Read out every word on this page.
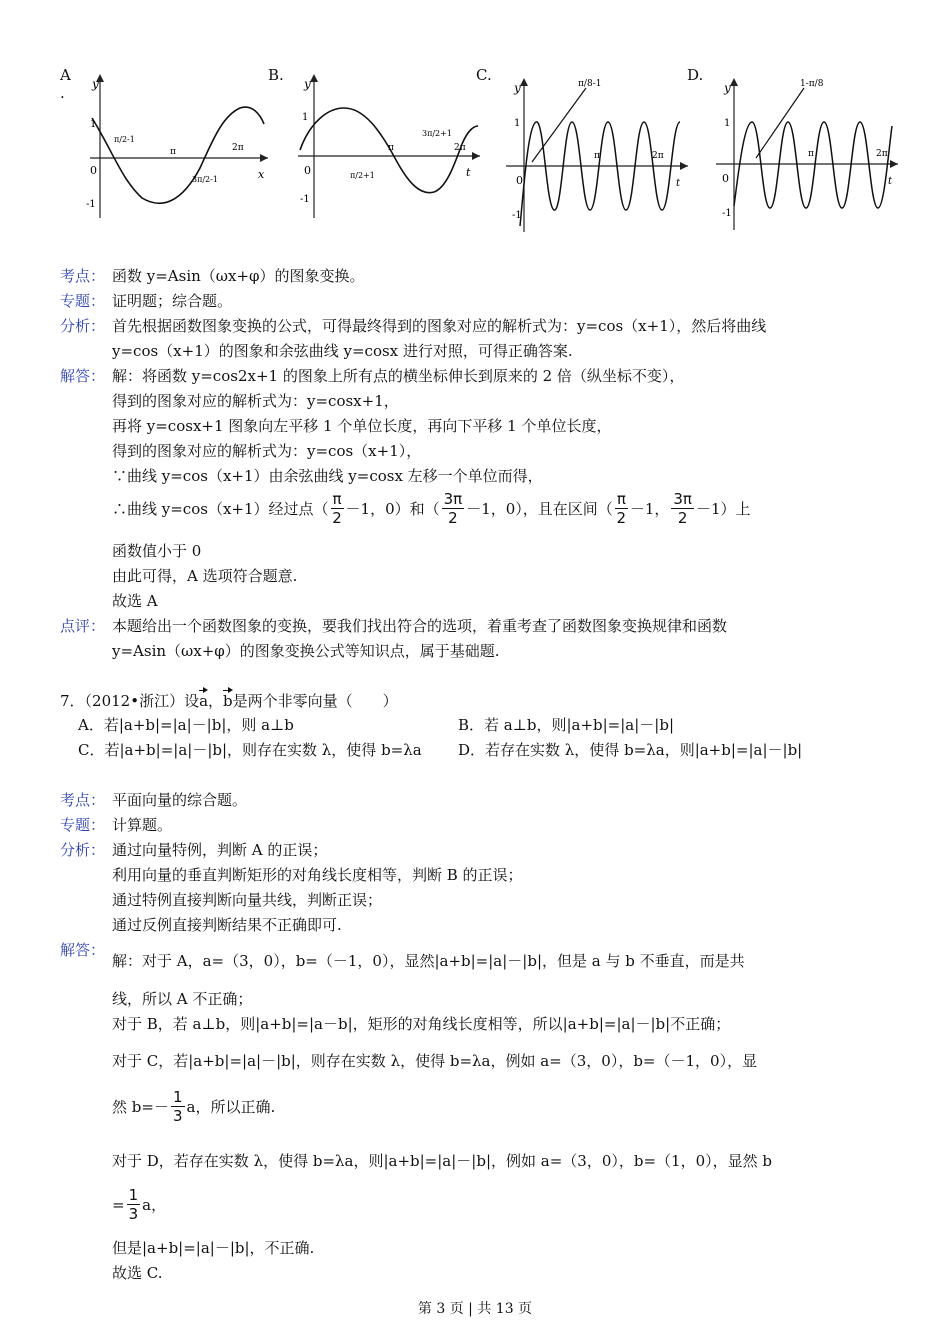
A
.	y
0
1
-1
x
π	2π
π/2-1
3π/2-1
B. y
0
1
-1
t
π	2π
π/2+1
3π/2+1
C.
y
1
0
-1
t
π	2π
π/8-1	D.
y
1
0
-1
t
π	2π
1-π/8
考点： 函数 y=Asin（ωx+φ）的图象变换。
专题： 证明题；综合题。
分析： 首先根据函数图象变换的公式，可得最终得到的图象对应的解析式为：y=cos（x+1），然后将曲线
y=cos（x+1）的图象和余弦曲线 y=cosx 进行对照，可得正确答案.
解答： 解：将函数 y=cos2x+1 的图象上所有点的横坐标伸长到原来的 2 倍（纵坐标不变），
得到的图象对应的解析式为：y=cosx+1，
再将 y=cosx+1 图象向左平移 1 个单位长度，再向下平移 1 个单位长度，
得到的图象对应的解析式为：y=cos（x+1），
∵曲线 y=cos（x+1）由余弦曲线 y=cosx 左移一个单位而得，
∴曲线 y=cos（x+1）经过点（ $\frac{\pi}{2} -1$，0）和（ $\frac{3\pi}{2} -1$，0），且在区间（ $\frac{\pi}{2} -1$， $\frac{3\pi}{2} -1$）上
函数值小于 0
由此可得，A 选项符合题意.
故选 A
点评： 本题给出一个函数图象的变换，要我们找出符合的选项，着重考查了函数图象变换规律和函数
y=Asin（ωx+φ）的图象变换公式等知识点，属于基础题.
7．（2012•浙江）设a，b是两个非零向量（　　）
A．若|a+b|=|a|－|b|，则 a⊥b	B．若 a⊥b，则|a+b|=|a|－|b|
C．若|a+b|=|a|－|b|，则存在实数 λ，使得 b=λa D．若存在实数 λ，使得 b=λa，则|a+b|=|a|－|b|
考点： 平面向量的综合题。
专题： 计算题。
分析： 通过向量特例，判断 A 的正误；
利用向量的垂直判断矩形的对角线长度相等，判断 B 的正误；
通过特例直接判断向量共线，判断正误；
通过反例直接判断结果不正确即可.
解答：
解：对于 A，a=（3，0），b=（－1，0），显然|a+b|=|a|－|b|，但是 a 与 b 不垂直，而是共
线，所以 A 不正确；
对于 B，若 a⊥b，则|a+b|=|a－b|，矩形的对角线长度相等，所以|a+b|=|a|－|b|不正确；
对于 C，若|a+b|=|a|－|b|，则存在实数 λ，使得 b=λa，例如 a=（3，0），b=（－1，0），显
然 $b=- \frac{1}{3}$ a，所以正确.
对于 D，若存在实数 λ，使得 b=λa，则|a+b|=|a|－|b|，例如 a=（3，0），b=（1，0），显然 b
= $\frac{1}{3}$ a，
但是|a+b|=|a|－|b|，不正确.
故选 C.
第 3 页 | 共 13 页
